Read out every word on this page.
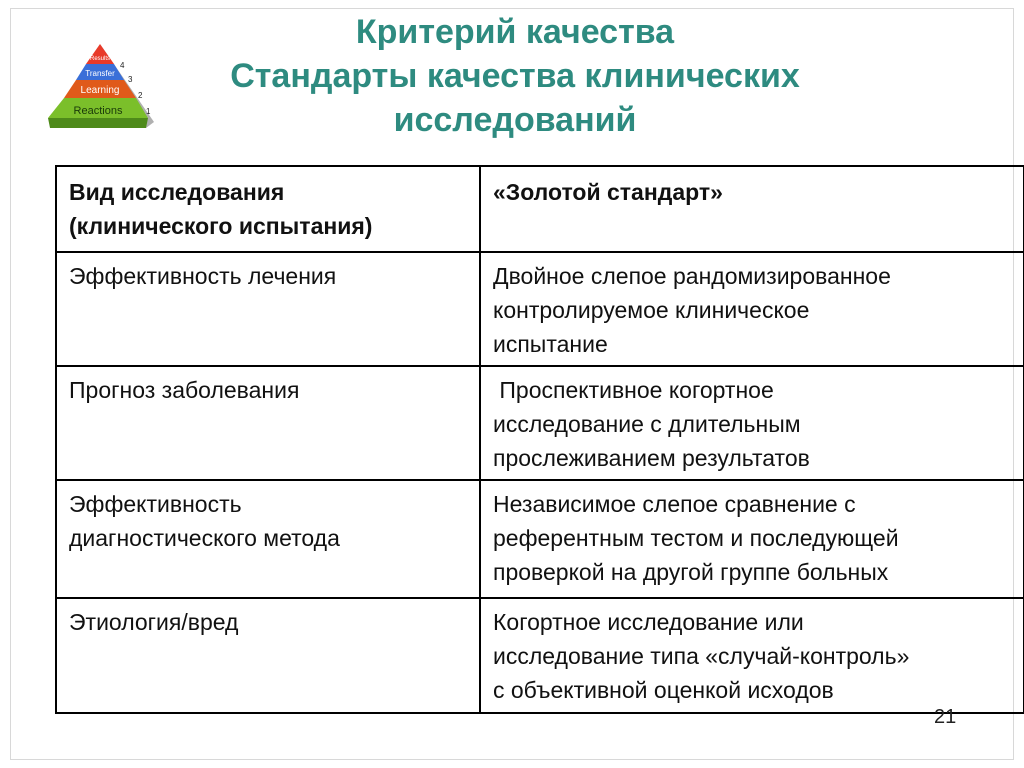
Results
Transfer
Learning
Reactions
4
3
2
1
Критерий качества
Стандарты качества клинических
исследований
Вид исследования
(клинического испытания)	«Золотой стандарт»

Эффективность лечения	Двойное слепое рандомизированное
контролируемое клиническое
испытание

Прогноз заболевания	Проспективное когортное
исследование с длительным
прослеживанием результатов

Эффективность
диагностического метода	Независимое слепое сравнение с
референтным тестом и последующей
проверкой на другой группе больных

Этиология/вред	Когортное исследование или
исследование типа «случай-контроль»
с объективной оценкой исходов
21
